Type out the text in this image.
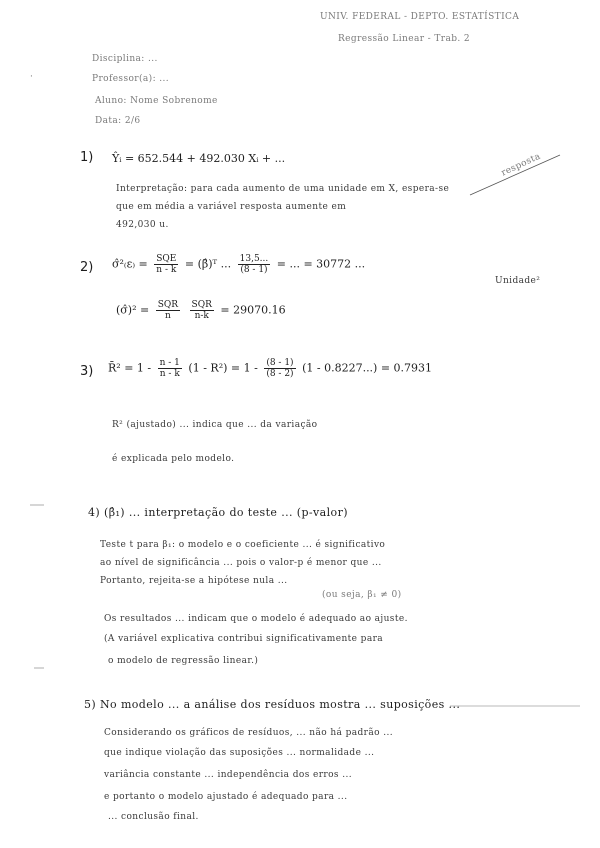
UNIV. FEDERAL - DEPTO. ESTATÍSTICA
Regressão Linear - Trab. 2
Disciplina: ...
Professor(a): ...
Aluno: Nome Sobrenome
Data: 2/6
·
1) Ŷᵢ = 652.544 + 492.030 Xᵢ + ...	resposta
Interpretação: para cada aumento de uma unidade em X, espera-se
que em média a variável resposta aumente em
492,030 u.
2) σ̂²₍ε₎ = $\frac{\text{SQE}}{n - k}$ = (β̂)ᵀ ... $\frac{13,5...}{(8 - 1)}$ = ... = 30772 ...
Unidade²
(σ̂)² = $\frac{\text{SQR}}{n}$
$\frac{\text{SQR}}{n-k} = 29070.16$
3) R̄² = $1 - \frac{n - 1}{n - k} (1 - R^2) = 1 - \frac{(8 - 1)}{(8 - 2)} (1 - 0.8227...) = 0.7931$
R² (ajustado) ... indica que ... da variação
é explicada pelo modelo.
4) (β̂₁) ... interpretação do teste ... (p-valor)
Teste t para β₁: o modelo e o coeficiente ... é significativo
ao nível de significância ... pois o valor-p é menor que ...
Portanto, rejeita-se a hipótese nula ...
(ou seja, β₁ ≠ 0)
Os resultados ... indicam que o modelo é adequado ao ajuste.
(A variável explicativa contribui significativamente para
o modelo de regressão linear.)
5) No modelo ... a análise dos resíduos mostra ... suposições ...
Considerando os gráficos de resíduos, ... não há padrão ...
que indique violação das suposições ... normalidade ...
variância constante ... independência dos erros ...
e portanto o modelo ajustado é adequado para ...
... conclusão final.
